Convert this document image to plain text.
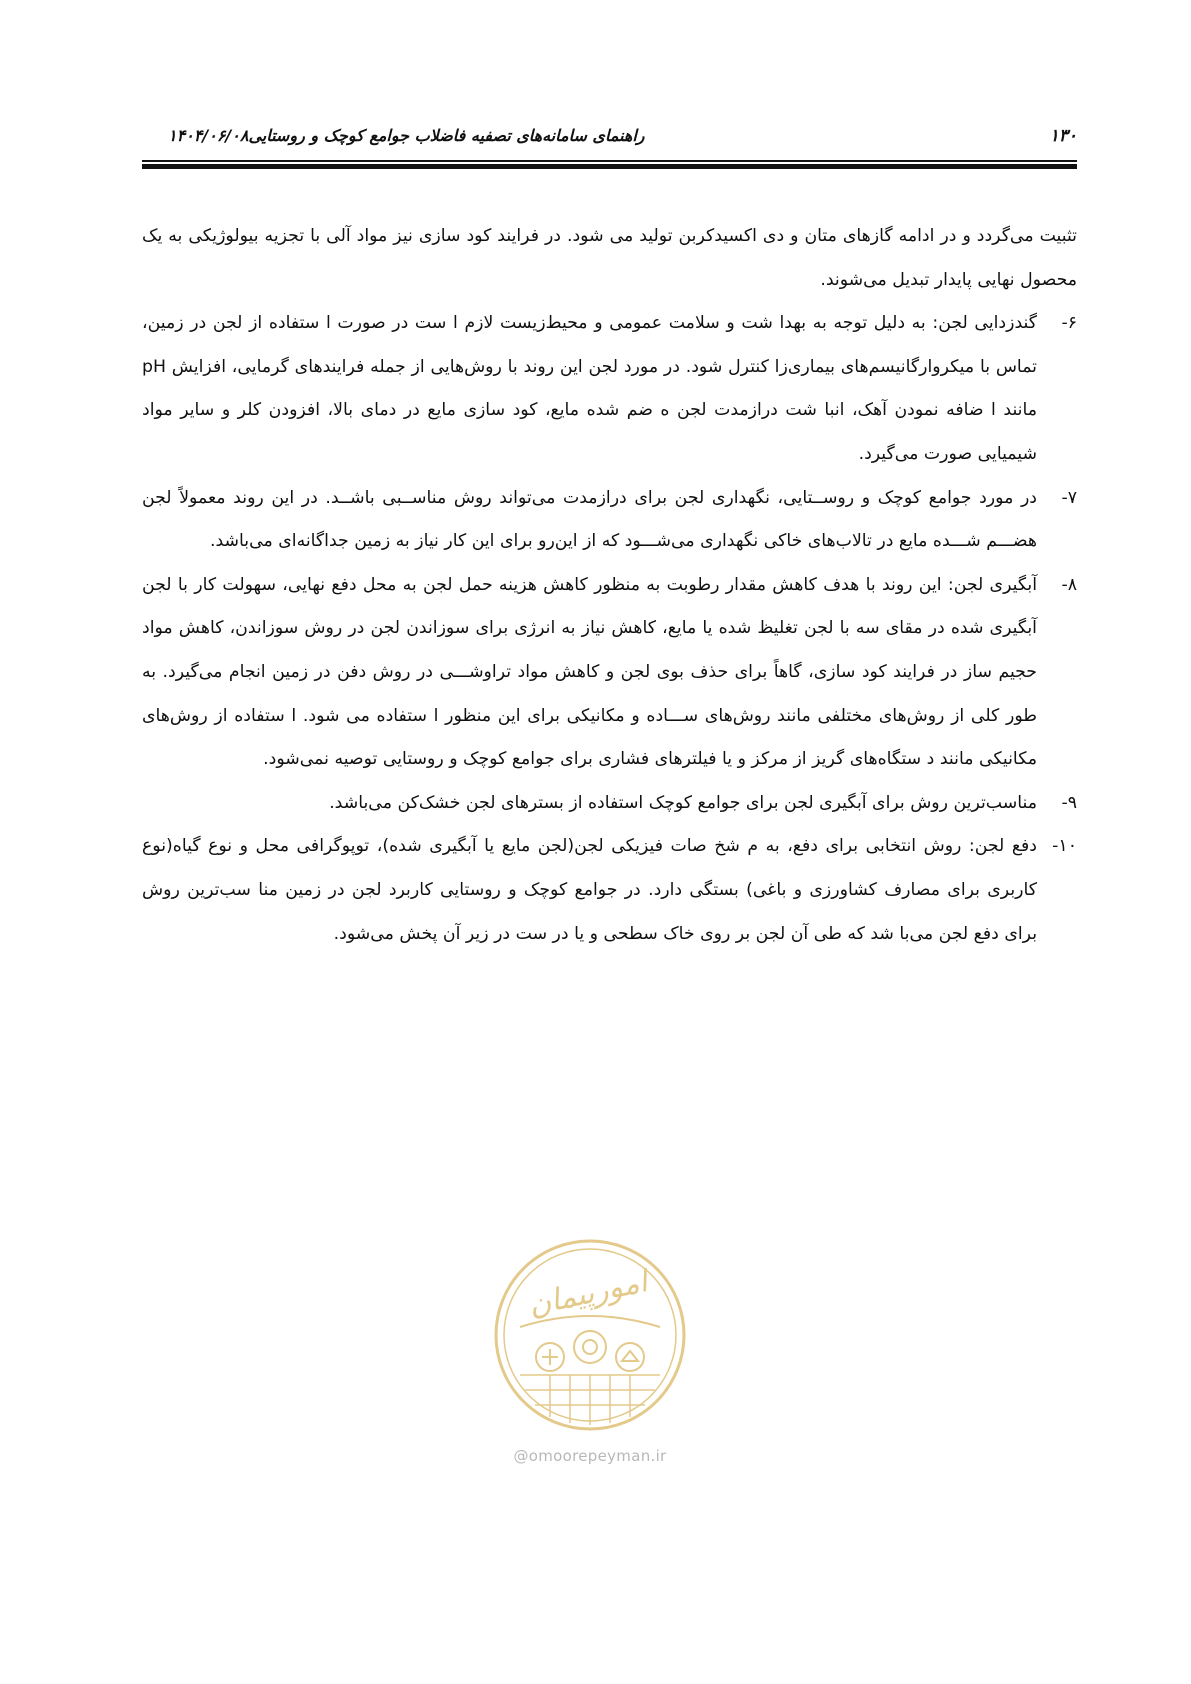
۱۳۰
راهنمای سامانه‌های تصفیه فاضلاب جوامع کوچک و روستایی۱۴۰۴/۰۶/۰۸

تثبیت می‌گردد و در ادامه گازهای متان و دی اکسیدکربن تولید می شود. در فرایند کود سازی نیز مواد آلی با تجزیه بیولوژیکی به یک محصول نهایی پایدار تبدیل می‌شوند.

۶-
گندزدایی لجن: به دلیل توجه به بهدا شت و سلامت عمومی و محیط‌زیست لازم ا ست در صورت ا ستفاده از لجن در زمین، تماس با میکروارگانیسم‌های بیماری‌زا کنترل شود. در مورد لجن این روند با روش‌هایی از جمله فرایندهای گرمایی، افزایش pH مانند ا ضافه نمودن آهک، انبا شت درازمدت لجن ه ضم شده مایع، کود سازی مایع در دمای بالا، افزودن کلر و سایر مواد شیمیایی صورت می‌گیرد.
۷-
در مورد جوامع کوچک و روســتایی، نگهداری لجن برای درازمدت می‌تواند روش مناســبی باشــد. در این روند معمولاً لجن هضـــم شـــده مایع در تالاب‌های خاکی نگهداری می‌شـــود که از این‌رو برای این کار نیاز به زمین جداگانه‌ای می‌باشد.
۸-
آبگیری لجن: این روند با هدف کاهش مقدار رطوبت به منظور کاهش هزینه حمل لجن به محل دفع نهایی، سهولت کار با لجن آبگیری شده در مقای سه با لجن تغلیظ شده یا مایع، کاهش نیاز به انرژی برای سوزاندن لجن در روش سوزاندن، کاهش مواد حجیم ساز در فرایند کود سازی، گاهاً برای حذف بوی لجن و کاهش مواد تراوشـــی در روش دفن در زمین انجام می‌گیرد. به طور کلی از روش‌های مختلفی مانند روش‌های ســـاده و مکانیکی برای این منظور ا ستفاده می شود. ا ستفاده از روش‌های مکانیکی مانند د ستگاه‌های گریز از مرکز و یا فیلترهای فشاری برای جوامع کوچک و روستایی توصیه نمی‌شود.
۹-
مناسب‌ترین روش برای آبگیری لجن برای جوامع کوچک استفاده از بسترهای لجن خشک‌کن می‌باشد.
۱۰-
دفع لجن: روش انتخابی برای دفع، به م شخ صات فیزیکی لجن(لجن مایع یا آبگیری شده)، توپوگرافی محل و نوع گیاه(نوع کاربری برای مصارف کشاورزی و باغی) بستگی دارد. در جوامع کوچک و روستایی کاربرد لجن در زمین منا سب‌ترین روش برای دفع لجن می‌با شد که طی آن لجن بر روی خاک سطحی و یا در ست در زیر آن پخش می‌شود.
امورپیمان
@omoorepeyman.ir
